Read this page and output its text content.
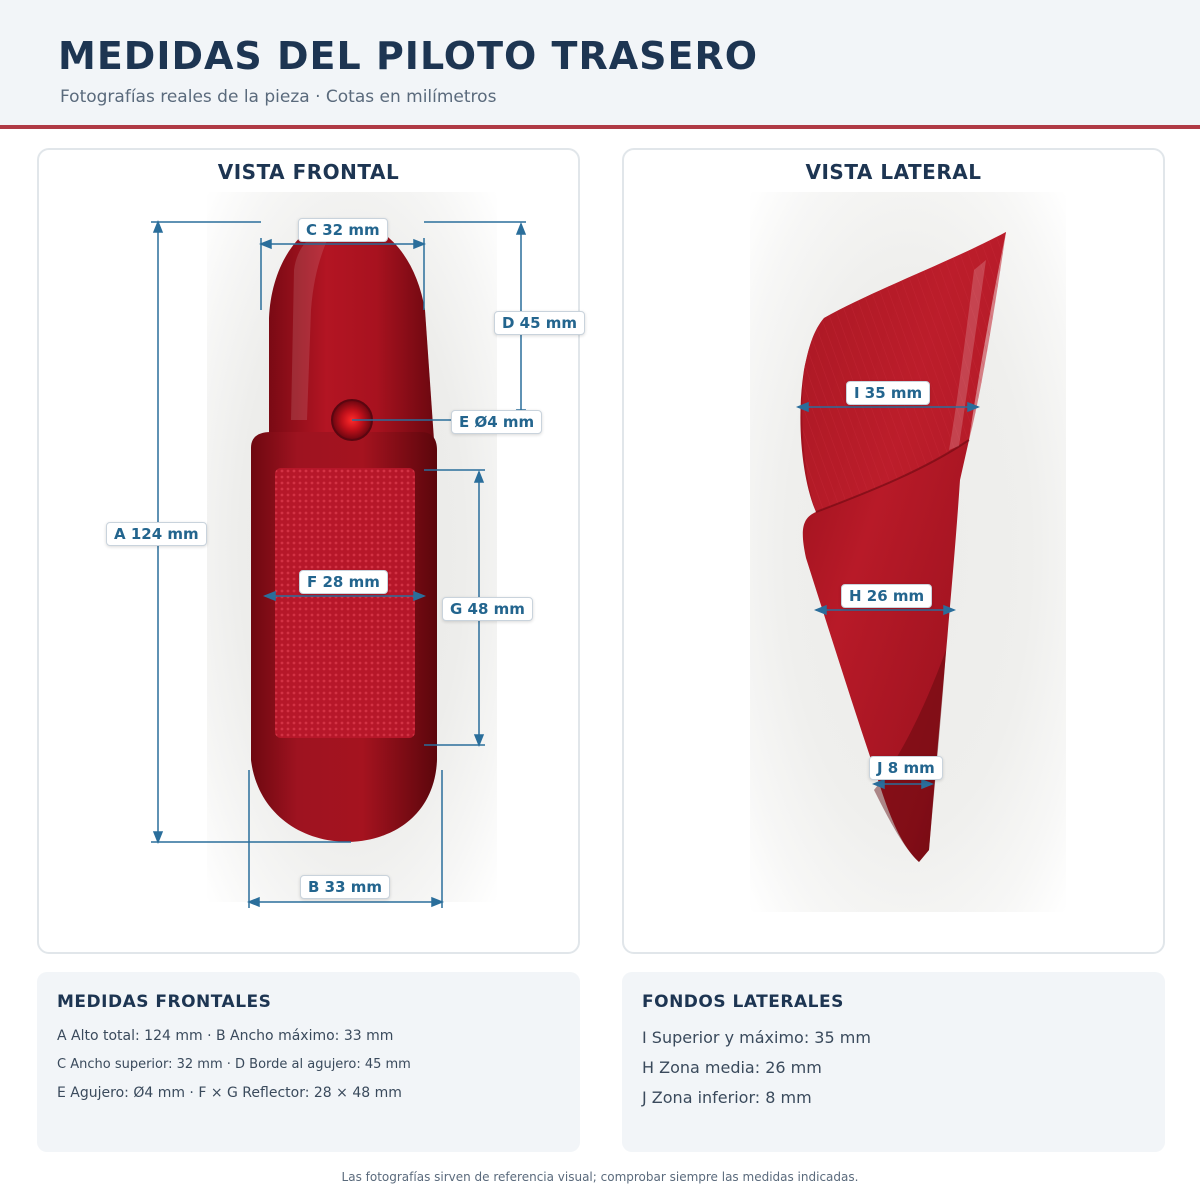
MEDIDAS DEL PILOTO TRASERO
Fotografías reales de la pieza · Cotas en milímetros
VISTA FRONTAL
A 124 mm
C 32 mm
D 45 mm
E Ø4 mm
F 28 mm
G 48 mm
B 33 mm
VISTA LATERAL
I 35 mm
H 26 mm
J 8 mm
MEDIDAS FRONTALES
A Alto total: 124 mm · B Ancho máximo: 33 mm
C Ancho superior: 32 mm · D Borde al agujero: 45 mm
E Agujero: Ø4 mm · F × G Reflector: 28 × 48 mm
FONDOS LATERALES
I Superior y máximo: 35 mm
H Zona media: 26 mm
J Zona inferior: 8 mm
Las fotografías sirven de referencia visual; comprobar siempre las medidas indicadas.
